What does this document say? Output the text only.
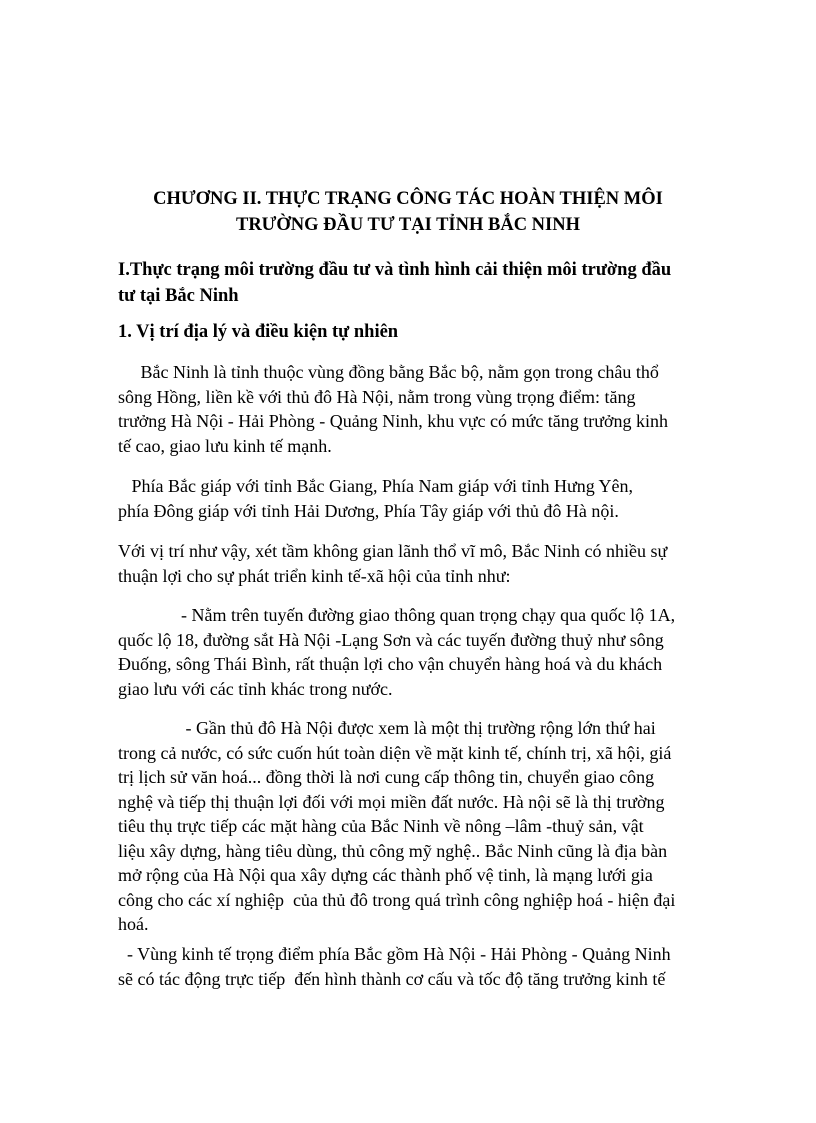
CHƯƠNG II. THỰC TRẠNG CÔNG TÁC HOÀN THIỆN MÔI
TRƯỜNG ĐẦU TƯ TẠI TỈNH BẮC NINH
I.Thực trạng môi trường đầu tư và tình hình cải thiện môi trường đầu
tư tại Bắc Ninh
1. Vị trí địa lý và điều kiện tự nhiên

Bắc Ninh là tỉnh thuộc vùng đồng bằng Bắc bộ, nằm gọn trong châu thổ
sông Hồng, liền kề với thủ đô Hà Nội, nằm trong vùng trọng điểm: tăng
trưởng Hà Nội - Hải Phòng - Quảng Ninh, khu vực có mức tăng trưởng kinh
tế cao, giao lưu kinh tế mạnh.

Phía Bắc giáp với tỉnh Bắc Giang, Phía Nam giáp với tỉnh Hưng Yên,
phía Đông giáp với tỉnh Hải Dương, Phía Tây giáp với thủ đô Hà nội.

Với vị trí như vậy, xét tầm không gian lãnh thổ vĩ mô, Bắc Ninh có nhiều sự
thuận lợi cho sự phát triển kinh tế-xã hội của tỉnh như:

- Nằm trên tuyến đường giao thông quan trọng chạy qua quốc lộ 1A,
quốc lộ 18, đường sắt Hà Nội -Lạng Sơn và các tuyến đường thuỷ như sông
Đuống, sông Thái Bình, rất thuận lợi cho vận chuyển hàng hoá và du khách
giao lưu với các tỉnh khác trong nước.

- Gần thủ đô Hà Nội được xem là một thị trường rộng lớn thứ hai
trong cả nước, có sức cuốn hút toàn diện về mặt kinh tế, chính trị, xã hội, giá
trị lịch sử văn hoá... đồng thời là nơi cung cấp thông tin, chuyển giao công
nghệ và tiếp thị thuận lợi đối với mọi miền đất nước. Hà nội sẽ là thị trường
tiêu thụ trực tiếp các mặt hàng của Bắc Ninh về nông –lâm -thuỷ sản, vật
liệu xây dựng, hàng tiêu dùng, thủ công mỹ nghệ.. Bắc Ninh cũng là địa bàn
mở rộng của Hà Nội qua xây dựng các thành phố vệ tinh, là mạng lưới gia
công cho các xí nghiệp  của thủ đô trong quá trình công nghiệp hoá - hiện đại
hoá.

- Vùng kinh tế trọng điểm phía Bắc gồm Hà Nội - Hải Phòng - Quảng Ninh
sẽ có tác động trực tiếp  đến hình thành cơ cấu và tốc độ tăng trưởng kinh tế
